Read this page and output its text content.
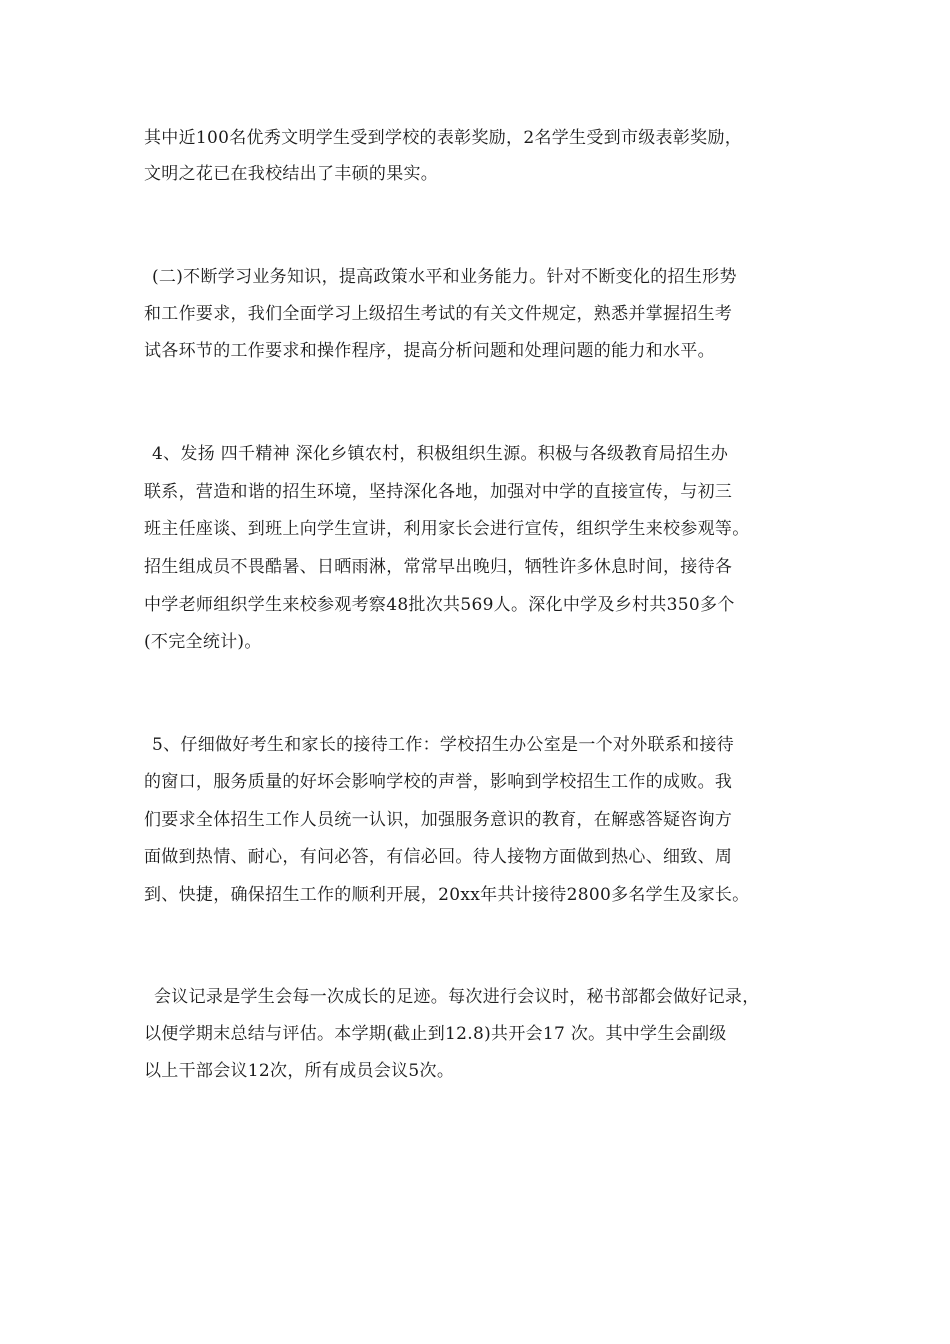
其中近100名优秀文明学生受到学校的表彰奖励，2名学生受到市级表彰奖励，
文明之花已在我校结出了丰硕的果实。
(二)不断学习业务知识，提高政策水平和业务能力。针对不断变化的招生形势
和工作要求，我们全面学习上级招生考试的有关文件规定，熟悉并掌握招生考
试各环节的工作要求和操作程序，提高分析问题和处理问题的能力和水平。
4、发扬 四千精神 深化乡镇农村，积极组织生源。积极与各级教育局招生办
联系，营造和谐的招生环境，坚持深化各地，加强对中学的直接宣传，与初三
班主任座谈、到班上向学生宣讲，利用家长会进行宣传，组织学生来校参观等。
招生组成员不畏酷暑、日晒雨淋，常常早出晚归，牺牲许多休息时间，接待各
中学老师组织学生来校参观考察48批次共569人。深化中学及乡村共350多个
(不完全统计)。
5、仔细做好考生和家长的接待工作：学校招生办公室是一个对外联系和接待
的窗口，服务质量的好坏会影响学校的声誉，影响到学校招生工作的成败。我
们要求全体招生工作人员统一认识，加强服务意识的教育，在解惑答疑咨询方
面做到热情、耐心，有问必答，有信必回。待人接物方面做到热心、细致、周
到、快捷，确保招生工作的顺利开展，20xx年共计接待2800多名学生及家长。
会议记录是学生会每一次成长的足迹。每次进行会议时，秘书部都会做好记录，
以便学期末总结与评估。本学期(截止到12.8)共开会17 次。其中学生会副级
以上干部会议12次，所有成员会议5次。
